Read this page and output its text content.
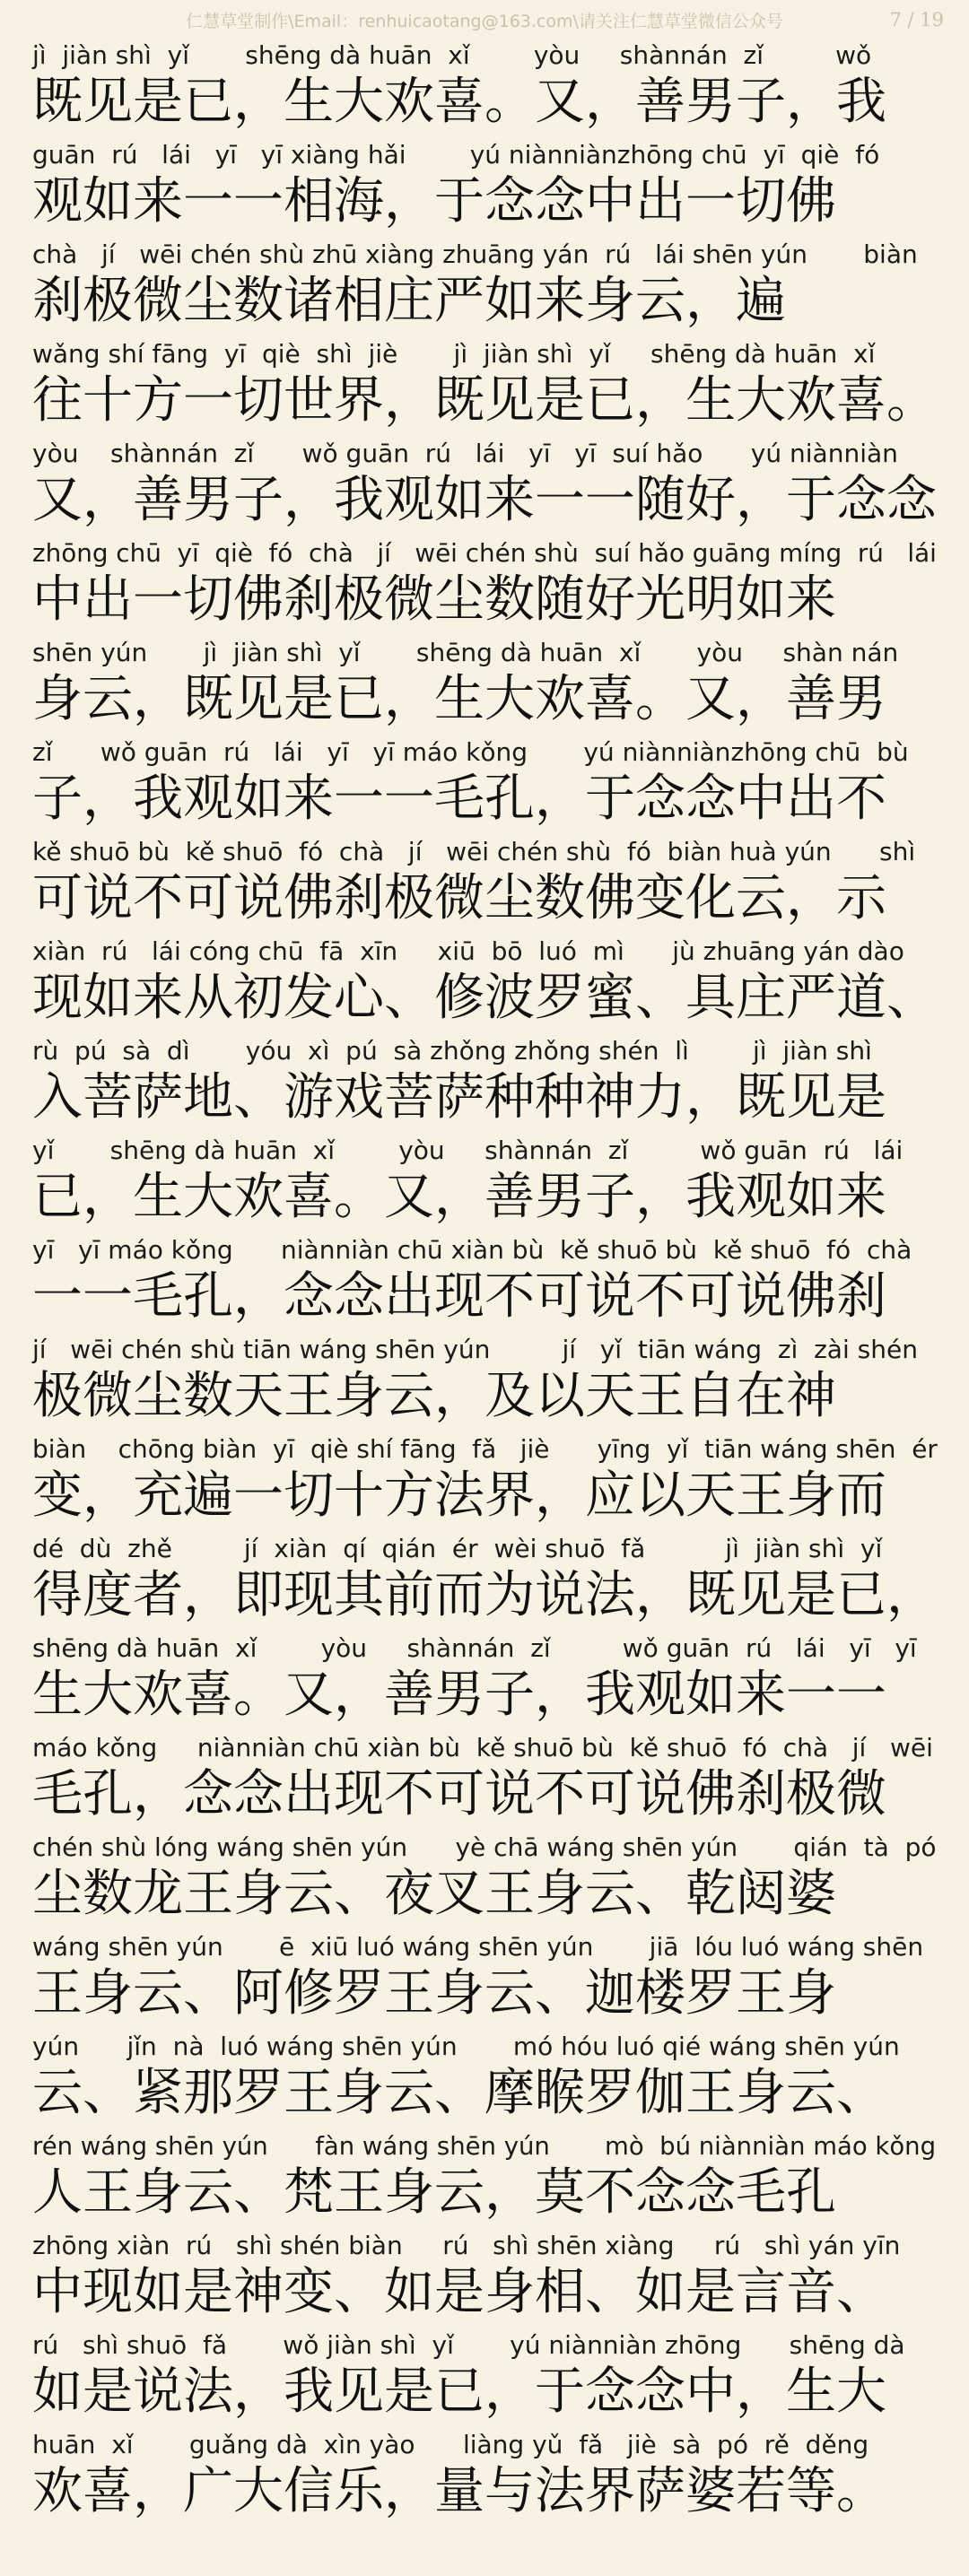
仁慧草堂制作\Email：renhuicaotang@163.com\请关注仁慧草堂微信公众号	7 / 19
jì  jiàn shì  yǐ       shēng dà huān  xǐ        yòu     shànnán  zǐ         wǒ
既见是已，生大欢喜。又，善男子，我
guān  rú   lái   yī   yī xiàng hǎi        yú niànniànzhōng chū  yī  qiè  fó
观如来一一相海，于念念中出一切佛
chà   jí   wēi chén shù zhū xiàng zhuāng yán  rú   lái shēn yún       biàn
刹极微尘数诸相庄严如来身云，遍
wǎng shí fāng  yī  qiè  shì  jiè       jì  jiàn shì  yǐ     shēng dà huān  xǐ
往十方一切世界，既见是已，生大欢喜。
yòu    shànnán  zǐ      wǒ guān  rú   lái   yī   yī  suí hǎo      yú niànniàn
又，善男子，我观如来一一随好，于念念
zhōng chū  yī  qiè  fó  chà   jí   wēi chén shù  suí hǎo guāng míng  rú   lái
中出一切佛刹极微尘数随好光明如来
shēn yún       jì  jiàn shì  yǐ       shēng dà huān  xǐ       yòu     shàn nán
身云，既见是已，生大欢喜。又，善男
zǐ      wǒ guān  rú   lái   yī   yī máo kǒng       yú niànniànzhōng chū  bù
子，我观如来一一毛孔，于念念中出不
kě shuō bù  kě shuō  fó  chà   jí   wēi chén shù  fó  biàn huà yún      shì
可说不可说佛刹极微尘数佛变化云，示
xiàn  rú   lái cóng chū  fā  xīn     xiū  bō  luó  mì      jù zhuāng yán dào
现如来从初发心、修波罗蜜、具庄严道、
rù  pú  sà  dì       yóu  xì  pú  sà zhǒng zhǒng shén  lì        jì  jiàn shì
入菩萨地、游戏菩萨种种神力，既见是
yǐ       shēng dà huān  xǐ        yòu     shànnán  zǐ         wǒ guān  rú   lái
已，生大欢喜。又，善男子，我观如来
yī   yī máo kǒng      niànniàn chū xiàn bù  kě shuō bù  kě shuō  fó  chà
一一毛孔，念念出现不可说不可说佛刹
jí   wēi chén shù tiān wáng shēn yún         jí   yǐ  tiān wáng  zì  zài shén
极微尘数天王身云，及以天王自在神
biàn    chōng biàn  yī  qiè shí fāng  fǎ   jiè      yīng  yǐ  tiān wáng shēn  ér
变，充遍一切十方法界，应以天王身而
dé  dù  zhě         jí  xiàn  qí  qián  ér  wèi shuō  fǎ          jì  jiàn shì  yǐ
得度者，即现其前而为说法，既见是已，
shēng dà huān  xǐ        yòu     shànnán  zǐ         wǒ guān  rú   lái   yī   yī
生大欢喜。又，善男子，我观如来一一
máo kǒng     niànniàn chū xiàn bù  kě shuō bù  kě shuō  fó  chà   jí   wēi
毛孔，念念出现不可说不可说佛刹极微
chén shù lóng wáng shēn yún      yè chā wáng shēn yún       qián  tà  pó
尘数龙王身云、夜叉王身云、乾闼婆
wáng shēn yún       ē  xiū luó wáng shēn yún       jiā  lóu luó wáng shēn
王身云、阿修罗王身云、迦楼罗王身
yún      jǐn  nà  luó wáng shēn yún       mó hóu luó qié wáng shēn yún
云、紧那罗王身云、摩睺罗伽王身云、
rén wáng shēn yún      fàn wáng shēn yún       mò  bú niànniàn máo kǒng
人王身云、梵王身云，莫不念念毛孔
zhōng xiàn  rú   shì shén biàn     rú   shì shēn xiàng     rú   shì yán yīn
中现如是神变、如是身相、如是言音、
rú   shì shuō  fǎ       wǒ jiàn shì  yǐ       yú niànniàn zhōng      shēng dà
如是说法，我见是已，于念念中，生大
huān  xǐ       guǎng dà  xìn yào      liàng yǔ  fǎ   jiè  sà  pó  rě  děng
欢喜，广大信乐，量与法界萨婆若等。
